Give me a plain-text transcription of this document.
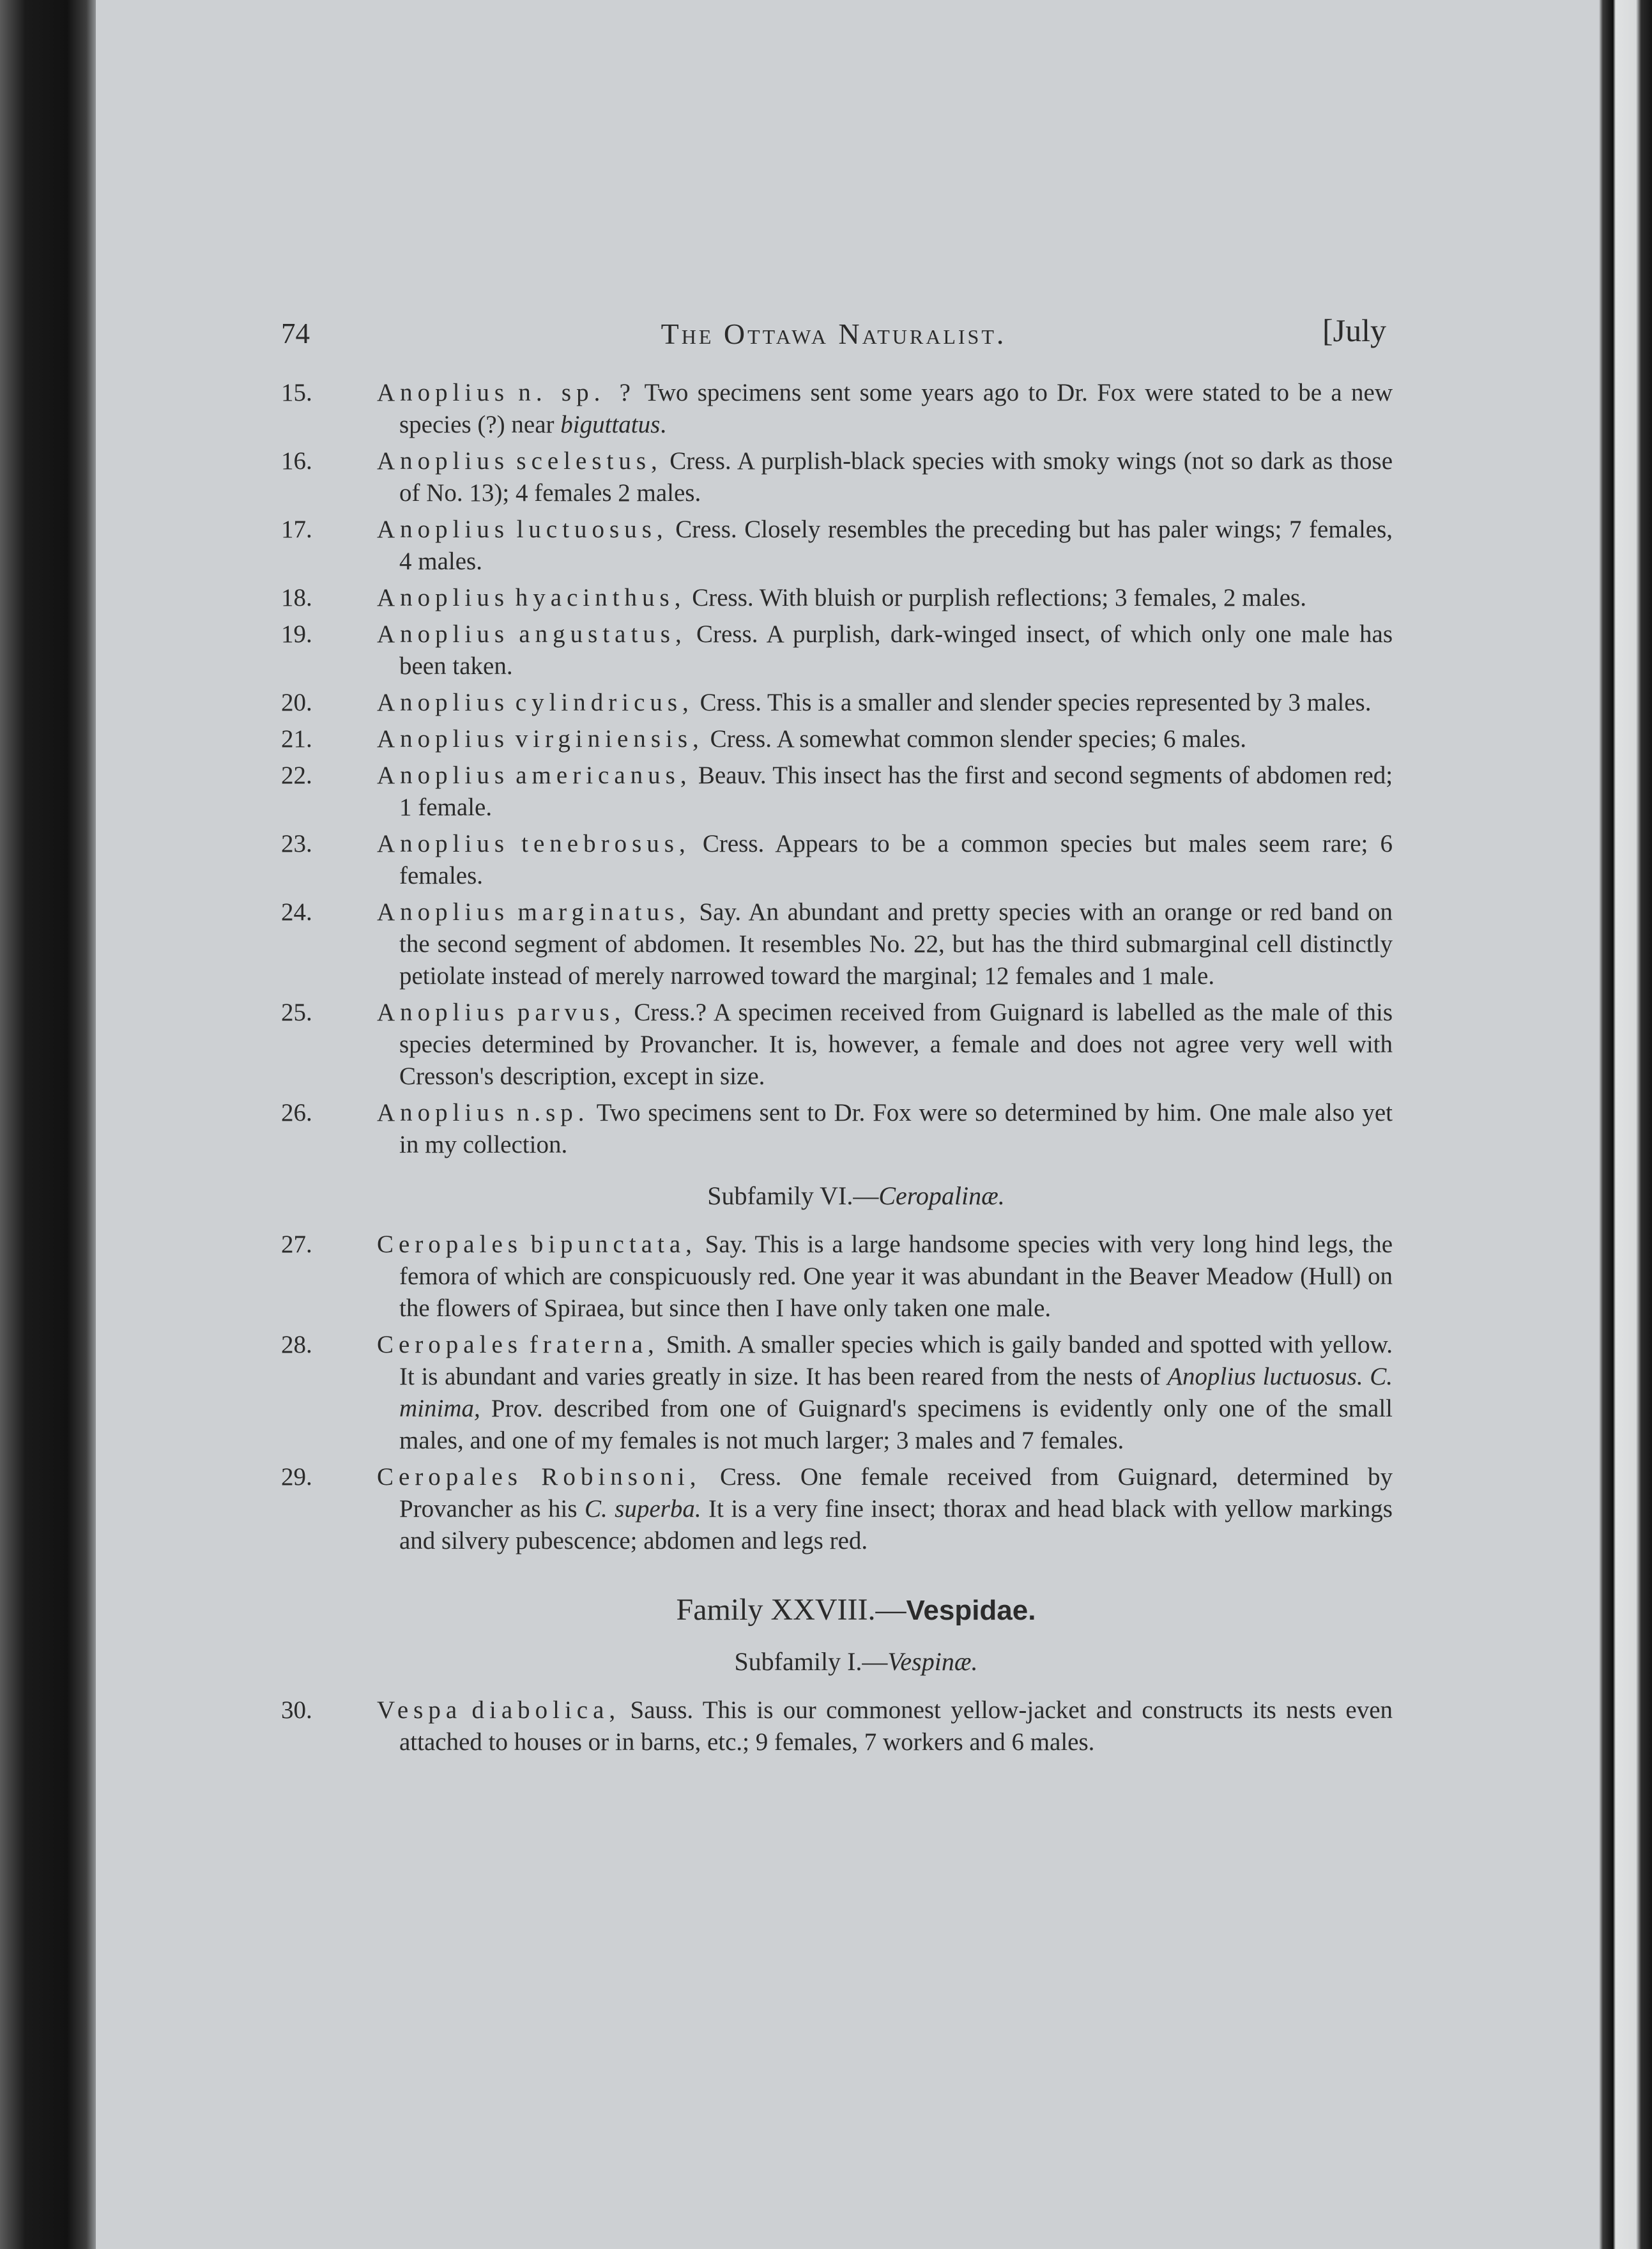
74	The Ottawa Naturalist.	[July
15.	Anoplius n. sp. ? Two specimens sent some years ago to Dr. Fox were stated to be a new species (?) near biguttatus.
16.	Anoplius scelestus, Cress. A purplish-black species with smoky wings (not so dark as those of No. 13); 4 females 2 males.
17.	Anoplius luctuosus, Cress. Closely resembles the preceding but has paler wings; 7 females, 4 males.
18.	Anoplius hyacinthus, Cress. With bluish or purplish reflections; 3 females, 2 males.
19.	Anoplius angustatus, Cress. A purplish, dark-winged insect, of which only one male has been taken.
20.	Anoplius cylindricus, Cress. This is a smaller and slender species represented by 3 males.
21.	Anoplius virginiensis, Cress. A somewhat common slender species; 6 males.
22.	Anoplius americanus, Beauv. This insect has the first and second segments of abdomen red; 1 female.
23.	Anoplius tenebrosus, Cress. Appears to be a common species but males seem rare; 6 females.
24.	Anoplius marginatus, Say. An abundant and pretty species with an orange or red band on the second segment of abdomen. It resembles No. 22, but has the third submarginal cell distinctly petiolate instead of merely narrowed toward the marginal; 12 females and 1 male.
25.	Anoplius parvus, Cress.? A specimen received from Guignard is labelled as the male of this species determined by Provancher. It is, however, a female and does not agree very well with Cresson's description, except in size.
26.	Anoplius n.sp. Two specimens sent to Dr. Fox were so determined by him. One male also yet in my collection.
Subfamily VI.—Ceropalinæ.
27.	Ceropales bipunctata, Say. This is a large handsome species with very long hind legs, the femora of which are conspicuously red. One year it was abundant in the Beaver Meadow (Hull) on the flowers of Spiraea, but since then I have only taken one male.
28.	Ceropales fraterna, Smith. A smaller species which is gaily banded and spotted with yellow. It is abundant and varies greatly in size. It has been reared from the nests of Anoplius luctuosus. C. minima, Prov. described from one of Guignard's specimens is evidently only one of the small males, and one of my females is not much larger; 3 males and 7 females.
29.	Ceropales Robinsoni, Cress. One female received from Guignard, determined by Provancher as his C. superba. It is a very fine insect; thorax and head black with yellow markings and silvery pubescence; abdomen and legs red.
Family XXVIII.—Vespidae.
Subfamily I.—Vespinæ.
30.	Vespa diabolica, Sauss. This is our commonest yellow-jacket and constructs its nests even attached to houses or in barns, etc.; 9 females, 7 workers and 6 males.
